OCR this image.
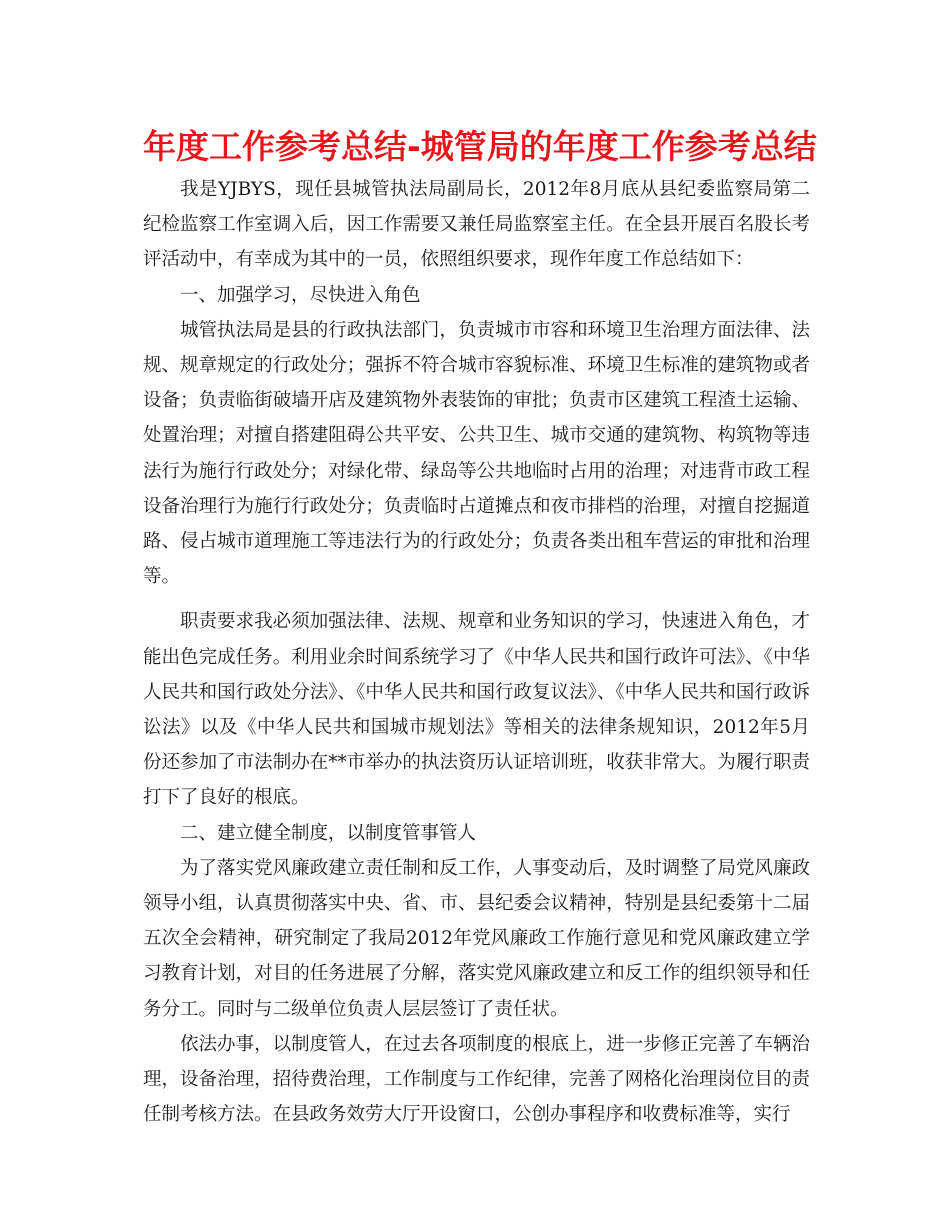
年度工作参考总结-城管局的年度工作参考总结

我是YJBYS，现任县城管执法局副局长，2012年8月底从县纪委监察局第二纪检监察工作室调入后，因工作需要又兼任局监察室主任。在全县开展百名股长考评活动中，有幸成为其中的一员，依照组织要求，现作年度工作总结如下：

一、加强学习，尽快进入角色

城管执法局是县的行政执法部门，负责城市市容和环境卫生治理方面法律、法规、规章规定的行政处分；强拆不符合城市容貌标准、环境卫生标准的建筑物或者设备；负责临街破墙开店及建筑物外表装饰的审批；负责市区建筑工程渣土运输、处置治理；对擅自搭建阻碍公共平安、公共卫生、城市交通的建筑物、构筑物等违法行为施行行政处分；对绿化带、绿岛等公共地临时占用的治理；对违背市政工程设备治理行为施行行政处分；负责临时占道摊点和夜市排档的治理，对擅自挖掘道路、侵占城市道理施工等违法行为的行政处分；负责各类出租车营运的审批和治理等。

职责要求我必须加强法律、法规、规章和业务知识的学习，快速进入角色，才能出色完成任务。利用业余时间系统学习了《中华人民共和国行政许可法》、《中华人民共和国行政处分法》、《中华人民共和国行政复议法》、《中华人民共和国行政诉讼法》以及《中华人民共和国城市规划法》等相关的法律条规知识，2012年5月份还参加了市法制办在**市举办的执法资历认证培训班，收获非常大。为履行职责打下了良好的根底。

二、建立健全制度，以制度管事管人

为了落实党风廉政建立责任制和反工作，人事变动后，及时调整了局党风廉政领导小组，认真贯彻落实中央、省、市、县纪委会议精神，特别是县纪委第十二届五次全会精神，研究制定了我局2012年党风廉政工作施行意见和党风廉政建立学习教育计划，对目的任务进展了分解，落实党风廉政建立和反工作的组织领导和任务分工。同时与二级单位负责人层层签订了责任状。

依法办事，以制度管人，在过去各项制度的根底上，进一步修正完善了车辆治理，设备治理，招待费治理，工作制度与工作纪律，完善了网格化治理岗位目的责任制考核方法。在县政务效劳大厅开设窗口，公创办事程序和收费标准等，实行
